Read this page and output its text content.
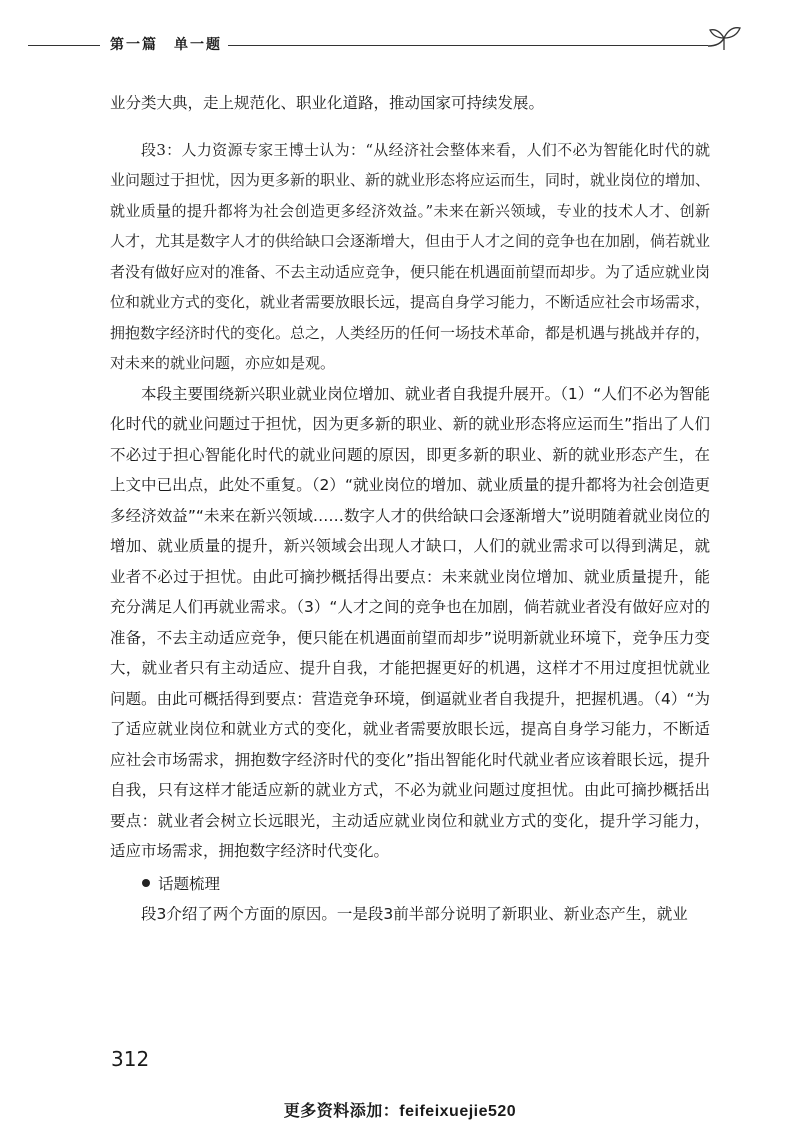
第一篇　单一题

业分类大典，走上规范化、职业化道路，推动国家可持续发展。

段3：人力资源专家王博士认为：“从经济社会整体来看，人们不必为智能化时代的就业问题过于担忧，因为更多新的职业、新的就业形态将应运而生，同时，就业岗位的增加、就业质量的提升都将为社会创造更多经济效益。”未来在新兴领域，专业的技术人才、创新人才，尤其是数字人才的供给缺口会逐渐增大，但由于人才之间的竞争也在加剧，倘若就业者没有做好应对的准备、不去主动适应竞争，便只能在机遇面前望而却步。为了适应就业岗位和就业方式的变化，就业者需要放眼长远，提高自身学习能力，不断适应社会市场需求，拥抱数字经济时代的变化。总之，人类经历的任何一场技术革命，都是机遇与挑战并存的，对未来的就业问题，亦应如是观。

本段主要围绕新兴职业就业岗位增加、就业者自我提升展开。（1）“人们不必为智能化时代的就业问题过于担忧，因为更多新的职业、新的就业形态将应运而生”指出了人们不必过于担心智能化时代的就业问题的原因，即更多新的职业、新的就业形态产生，在上文中已出点，此处不重复。（2）“就业岗位的增加、就业质量的提升都将为社会创造更多经济效益”“未来在新兴领域……数字人才的供给缺口会逐渐增大”说明随着就业岗位的增加、就业质量的提升，新兴领域会出现人才缺口，人们的就业需求可以得到满足，就业者不必过于担忧。由此可摘抄概括得出要点：未来就业岗位增加、就业质量提升，能充分满足人们再就业需求。（3）“人才之间的竞争也在加剧，倘若就业者没有做好应对的准备，不去主动适应竞争，便只能在机遇面前望而却步”说明新就业环境下，竞争压力变大，就业者只有主动适应、提升自我，才能把握更好的机遇，这样才不用过度担忧就业问题。由此可概括得到要点：营造竞争环境，倒逼就业者自我提升，把握机遇。（4）“为了适应就业岗位和就业方式的变化，就业者需要放眼长远，提高自身学习能力，不断适应社会市场需求，拥抱数字经济时代的变化”指出智能化时代就业者应该着眼长远，提升自我，只有这样才能适应新的就业方式，不必为就业问题过度担忧。由此可摘抄概括出要点：就业者会树立长远眼光，主动适应就业岗位和就业方式的变化，提升学习能力，适应市场需求，拥抱数字经济时代变化。

话题梳理

段3介绍了两个方面的原因。一是段3前半部分说明了新职业、新业态产生，就业

312
更多资料添加：feifeixuejie520
